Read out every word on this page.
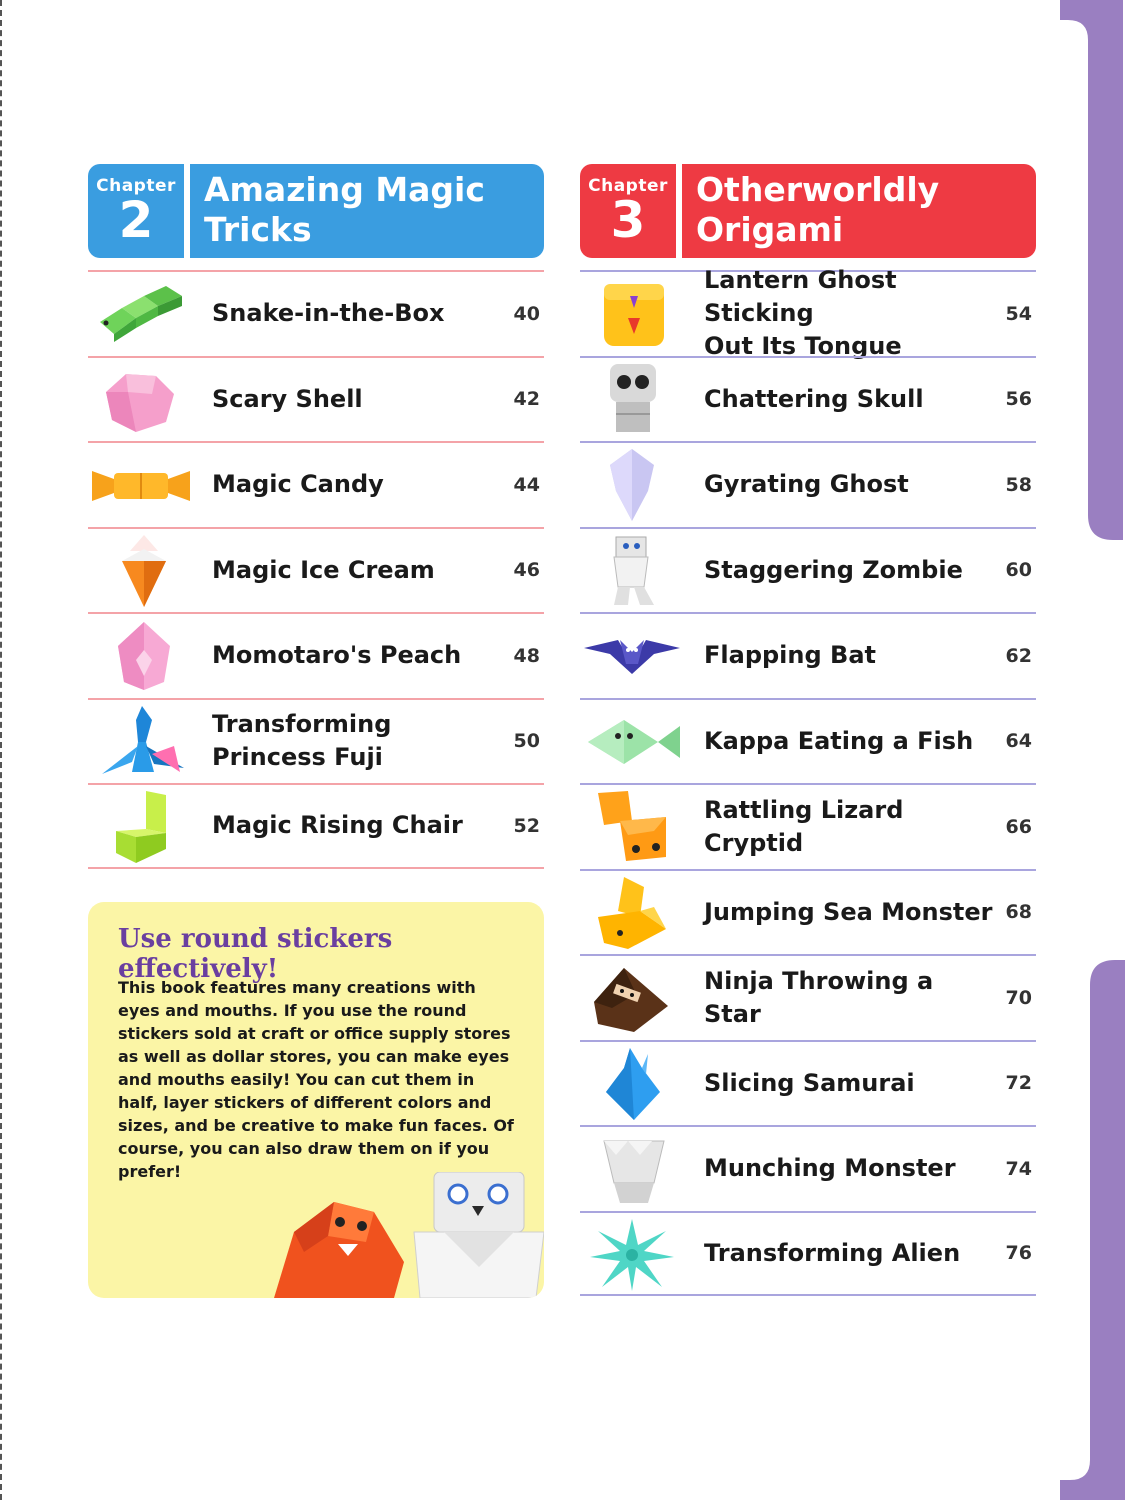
Chapter
2
Amazing Magic
Tricks
Chapter
3
Otherworldly
Origami
Snake-in-the-Box	40
Scary Shell	42
Magic Candy	44
Magic Ice Cream	46
Momotaro's Peach	48
Transforming
Princess Fuji
50
Magic Rising Chair	52
Lantern Ghost Sticking
Out Its Tongue
54
Chattering Skull	56
Gyrating Ghost	58
Staggering Zombie	60
Flapping Bat	62
Kappa Eating a Fish	64
Rattling Lizard Cryptid
66
Jumping Sea Monster 68
Ninja Throwing a Star
70
Slicing Samurai	72
Munching Monster	74
Transforming Alien	76
Use round stickers effectively!
This book features many creations with eyes and mouths. If you use the round stickers sold at craft or office supply stores as well as dollar stores, you can make eyes and mouths easily! You can cut them in half, layer stickers of different colors and sizes, and be creative to make fun faces. Of course, you can also draw them on if you prefer!
